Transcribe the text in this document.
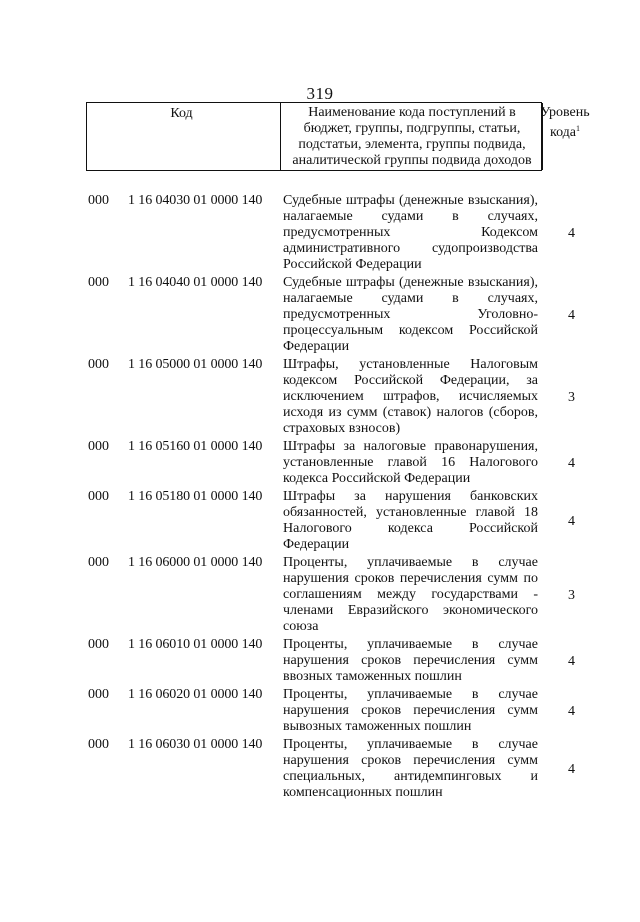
319
Код	Наименование кода поступлений в
бюджет, группы, подгруппы, статьи,
подстатьи, элемента, группы подвида,
аналитической группы подвида доходов
Уровень
кода$^1$
000 1 16 04030 01 0000 140 Судебные штрафы (денежные взыскания), налагаемые судами в случаях, предусмотренных Кодексом административного судопроизводства Российской Федерации
4
000 1 16 04040 01 0000 140 Судебные штрафы (денежные взыскания), налагаемые судами в случаях, предусмотренных Уголовно-процессуальным кодексом Российской Федерации
4
000 1 16 05000 01 0000 140 Штрафы, установленные Налоговым кодексом Российской Федерации, за исключением штрафов, исчисляемых исходя из сумм (ставок) налогов (сборов, страховых взносов)
3
000 1 16 05160 01 0000 140 Штрафы за налоговые правонарушения, установленные главой 16 Налогового кодекса Российской Федерации
4
000 1 16 05180 01 0000 140 Штрафы за нарушения банковских обязанностей, установленные главой 18 Налогового кодекса Российской Федерации
4
000 1 16 06000 01 0000 140 Проценты, уплачиваемые в случае нарушения сроков перечисления сумм по соглашениям между государствами - членами Евразийского экономического союза
3
000 1 16 06010 01 0000 140 Проценты, уплачиваемые в случае нарушения сроков перечисления сумм ввозных таможенных пошлин
4
000 1 16 06020 01 0000 140 Проценты, уплачиваемые в случае нарушения сроков перечисления сумм вывозных таможенных пошлин
4
000 1 16 06030 01 0000 140 Проценты, уплачиваемые в случае нарушения сроков перечисления сумм специальных, антидемпинговых и компенсационных пошлин
4
